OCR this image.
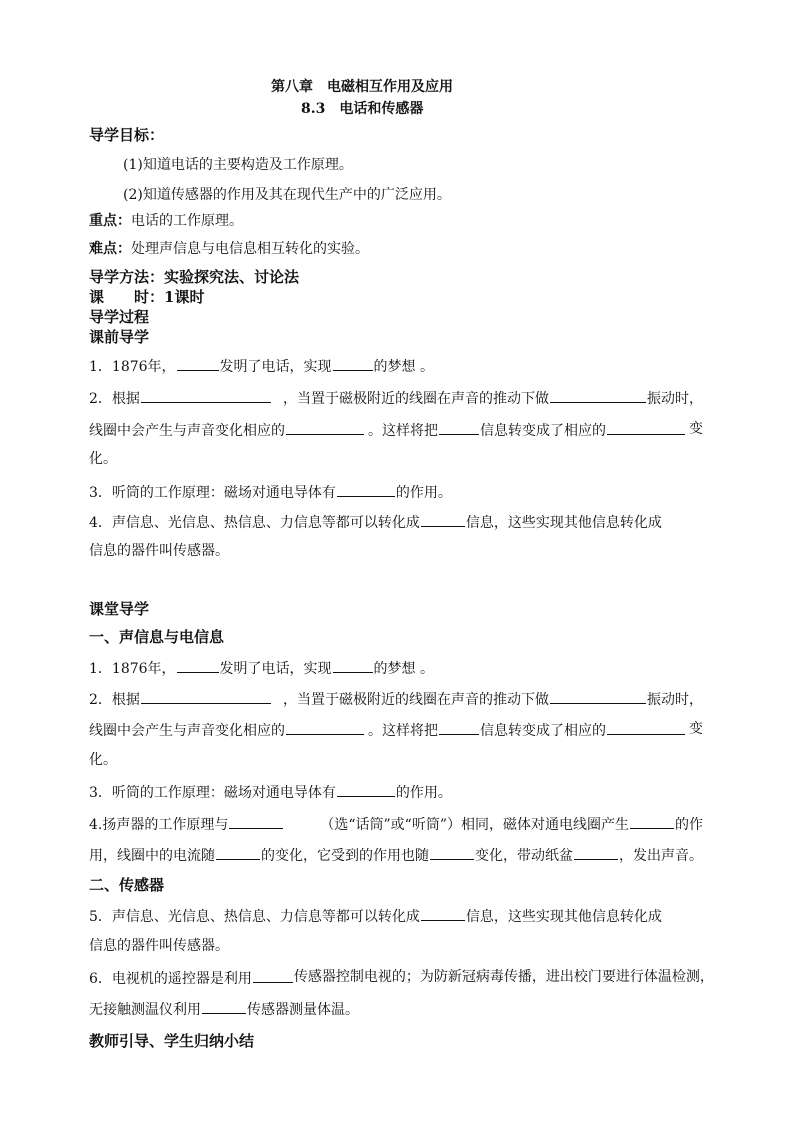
第八章　电磁相互作用及应用
8.3　电话和传感器
导学目标：
(1)知道电话的主要构造及工作原理。
(2)知道传感器的作用及其在现代生产中的广泛应用。
重点：电话的工作原理。
难点：处理声信息与电信息相互转化的实验。
导学方法：实验探究法、讨论法
课　　时：1课时
导学过程
课前导学
1．1876年，	发明了电话，实现	的梦想 。
2．根据	，当置于磁极附近的线圈在声音的推动下做	振动时，
线圈中会产生与声音变化相应的	。这样将把	信息转变成了相应的	变
化。
3．听筒的工作原理：磁场对通电导体有	的作用。
4．声信息、光信息、热信息、力信息等都可以转化成	信息，这些实现其他信息转化成
信息的器件叫传感器。
课堂导学
一、声信息与电信息
1．1876年，	发明了电话，实现	的梦想 。
2．根据	，当置于磁极附近的线圈在声音的推动下做	振动时，
线圈中会产生与声音变化相应的	。这样将把	信息转变成了相应的	变
化。
3．听筒的工作原理：磁场对通电导体有	的作用。
4.扬声器的工作原理与	（选“话筒”或“听筒”）相同，磁体对通电线圈产生	的作
用，线圈中的电流随	的变化，它受到的作用也随	变化，带动纸盆	，发出声音。
二、传感器
5．声信息、光信息、热信息、力信息等都可以转化成	信息，这些实现其他信息转化成
信息的器件叫传感器。
6．电视机的遥控器是利用	传感器控制电视的；为防新冠病毒传播，进出校门要进行体温检测，
无接触测温仪利用	传感器测量体温。
教师引导、学生归纳小结
